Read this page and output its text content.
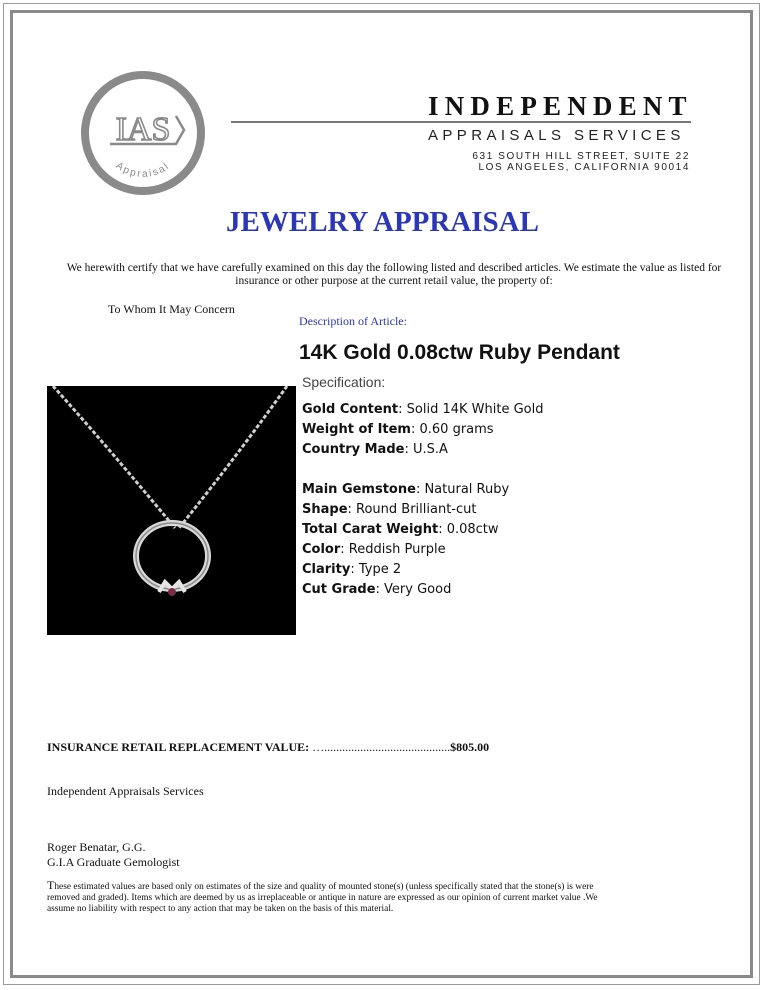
IAS
Appraisal
INDEPENDENT
APPRAISALS SERVICES
631 SOUTH HILL STREET, SUITE 22
LOS ANGELES, CALIFORNIA 90014
JEWELRY APPRAISAL
We herewith certify that we have carefully examined on this day the following listed and described articles. We estimate the value as listed for insurance or other purpose at the current retail value, the property of:
To Whom It May Concern
Description of Article:
14K Gold 0.08ctw Ruby Pendant
Specification:
Gold Content: Solid 14K White Gold
Weight of Item: 0.60 grams
Country Made: U.S.A
Main Gemstone: Natural Ruby
Shape: Round Brilliant-cut
Total Carat Weight: 0.08ctw
Color: Reddish Purple
Clarity: Type 2
Cut Grade: Very Good
INSURANCE RETAIL REPLACEMENT VALUE: …..........................................$805.00
Independent Appraisals Services
Roger Benatar, G.G.
G.I.A Graduate Gemologist
These estimated values are based only on estimates of the size and quality of mounted stone(s) (unless specifically stated that the stone(s) is were removed and graded). Items which are deemed by us as irreplaceable or antique in nature are expressed as our opinion of current market value .We assume no liability with respect to any action that may be taken on the basis of this material.
